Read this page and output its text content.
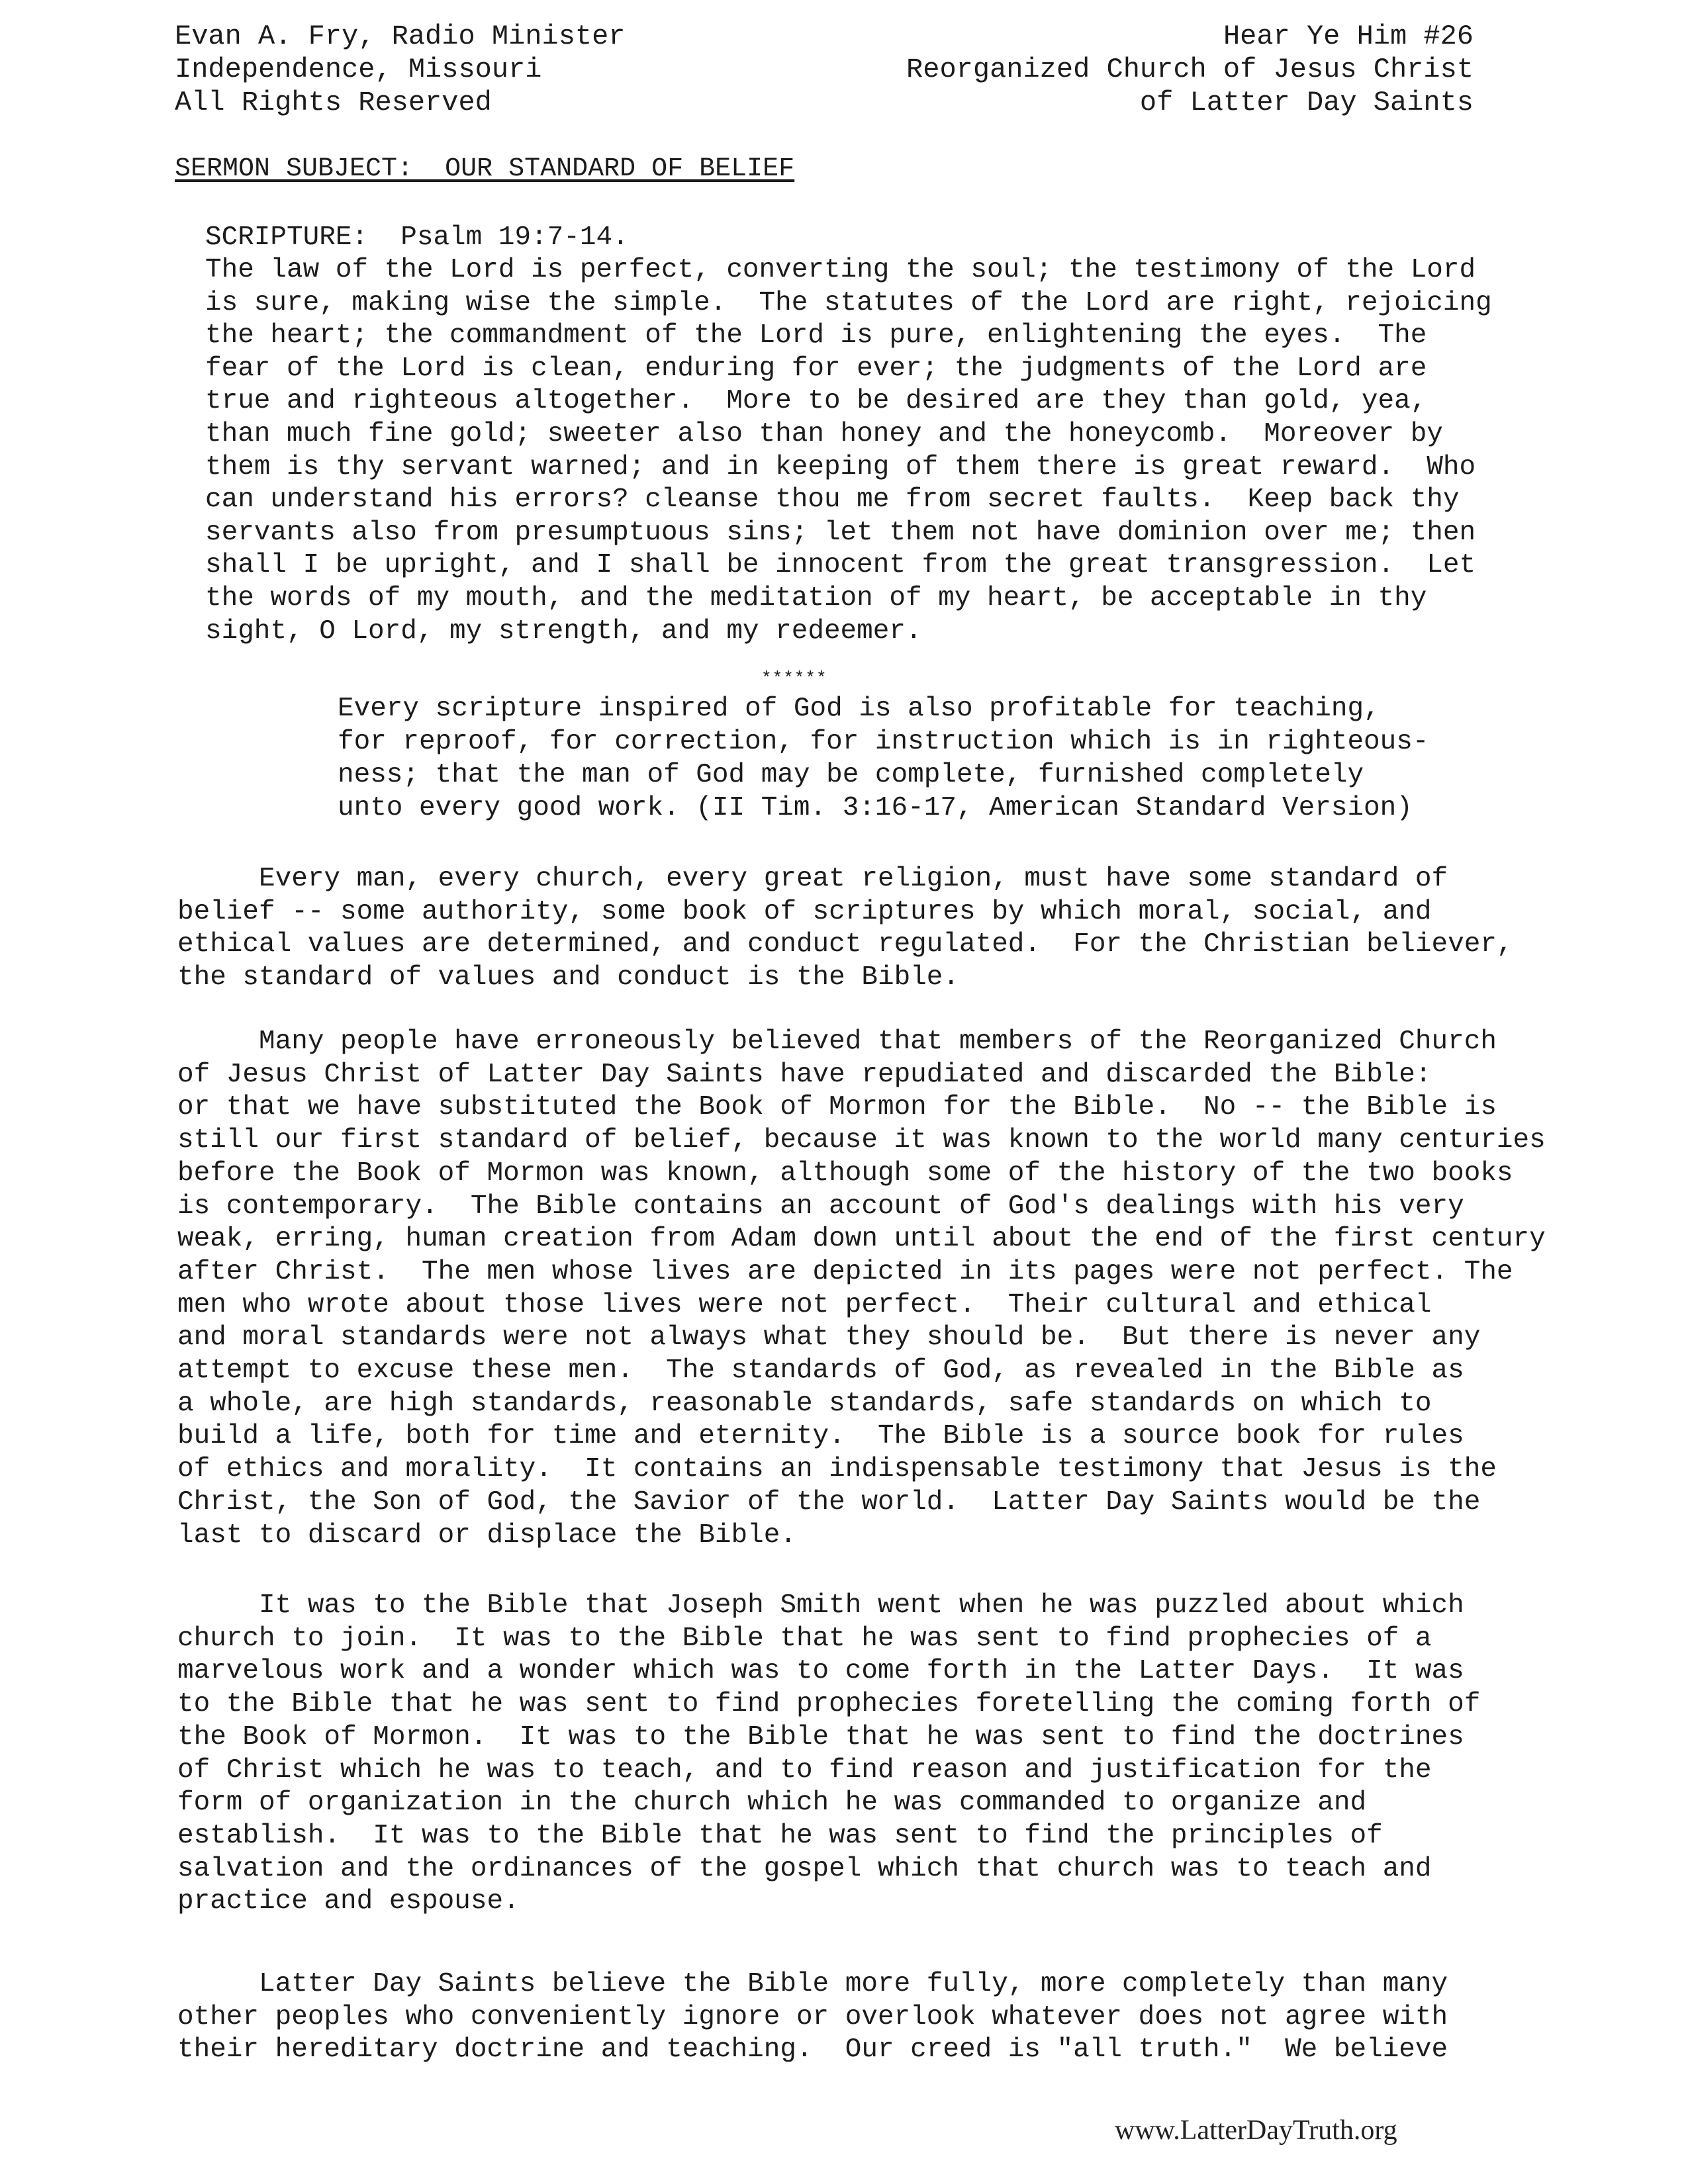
Evan A. Fry, Radio Minister
Independence, Missouri
All Rights Reserved
Hear Ye Him #26
Reorganized Church of Jesus Christ
of Latter Day Saints
SERMON SUBJECT:  OUR STANDARD OF BELIEF
SCRIPTURE:  Psalm 19:7-14.
The law of the Lord is perfect, converting the soul; the testimony of the Lord
is sure, making wise the simple.  The statutes of the Lord are right, rejoicing
the heart; the commandment of the Lord is pure, enlightening the eyes.  The
fear of the Lord is clean, enduring for ever; the judgments of the Lord are
true and righteous altogether.  More to be desired are they than gold, yea,
than much fine gold; sweeter also than honey and the honeycomb.  Moreover by
them is thy servant warned; and in keeping of them there is great reward.  Who
can understand his errors? cleanse thou me from secret faults.  Keep back thy
servants also from presumptuous sins; let them not have dominion over me; then
shall I be upright, and I shall be innocent from the great transgression.  Let
the words of my mouth, and the meditation of my heart, be acceptable in thy
sight, O Lord, my strength, and my redeemer.
******
Every scripture inspired of God is also profitable for teaching,
for reproof, for correction, for instruction which is in righteous-
ness; that the man of God may be complete, furnished completely
unto every good work. (II Tim. 3:16-17, American Standard Version)
Every man, every church, every great religion, must have some standard of
belief -- some authority, some book of scriptures by which moral, social, and
ethical values are determined, and conduct regulated.  For the Christian believer,
the standard of values and conduct is the Bible.
Many people have erroneously believed that members of the Reorganized Church
of Jesus Christ of Latter Day Saints have repudiated and discarded the Bible:
or that we have substituted the Book of Mormon for the Bible.  No -- the Bible is
still our first standard of belief, because it was known to the world many centuries
before the Book of Mormon was known, although some of the history of the two books
is contemporary.  The Bible contains an account of God's dealings with his very
weak, erring, human creation from Adam down until about the end of the first century
after Christ.  The men whose lives are depicted in its pages were not perfect. The
men who wrote about those lives were not perfect.  Their cultural and ethical
and moral standards were not always what they should be.  But there is never any
attempt to excuse these men.  The standards of God, as revealed in the Bible as
a whole, are high standards, reasonable standards, safe standards on which to
build a life, both for time and eternity.  The Bible is a source book for rules
of ethics and morality.  It contains an indispensable testimony that Jesus is the
Christ, the Son of God, the Savior of the world.  Latter Day Saints would be the
last to discard or displace the Bible.
It was to the Bible that Joseph Smith went when he was puzzled about which
church to join.  It was to the Bible that he was sent to find prophecies of a
marvelous work and a wonder which was to come forth in the Latter Days.  It was
to the Bible that he was sent to find prophecies foretelling the coming forth of
the Book of Mormon.  It was to the Bible that he was sent to find the doctrines
of Christ which he was to teach, and to find reason and justification for the
form of organization in the church which he was commanded to organize and
establish.  It was to the Bible that he was sent to find the principles of
salvation and the ordinances of the gospel which that church was to teach and
practice and espouse.
Latter Day Saints believe the Bible more fully, more completely than many
other peoples who conveniently ignore or overlook whatever does not agree with
their hereditary doctrine and teaching.  Our creed is "all truth."  We believe
www.LatterDayTruth.org
